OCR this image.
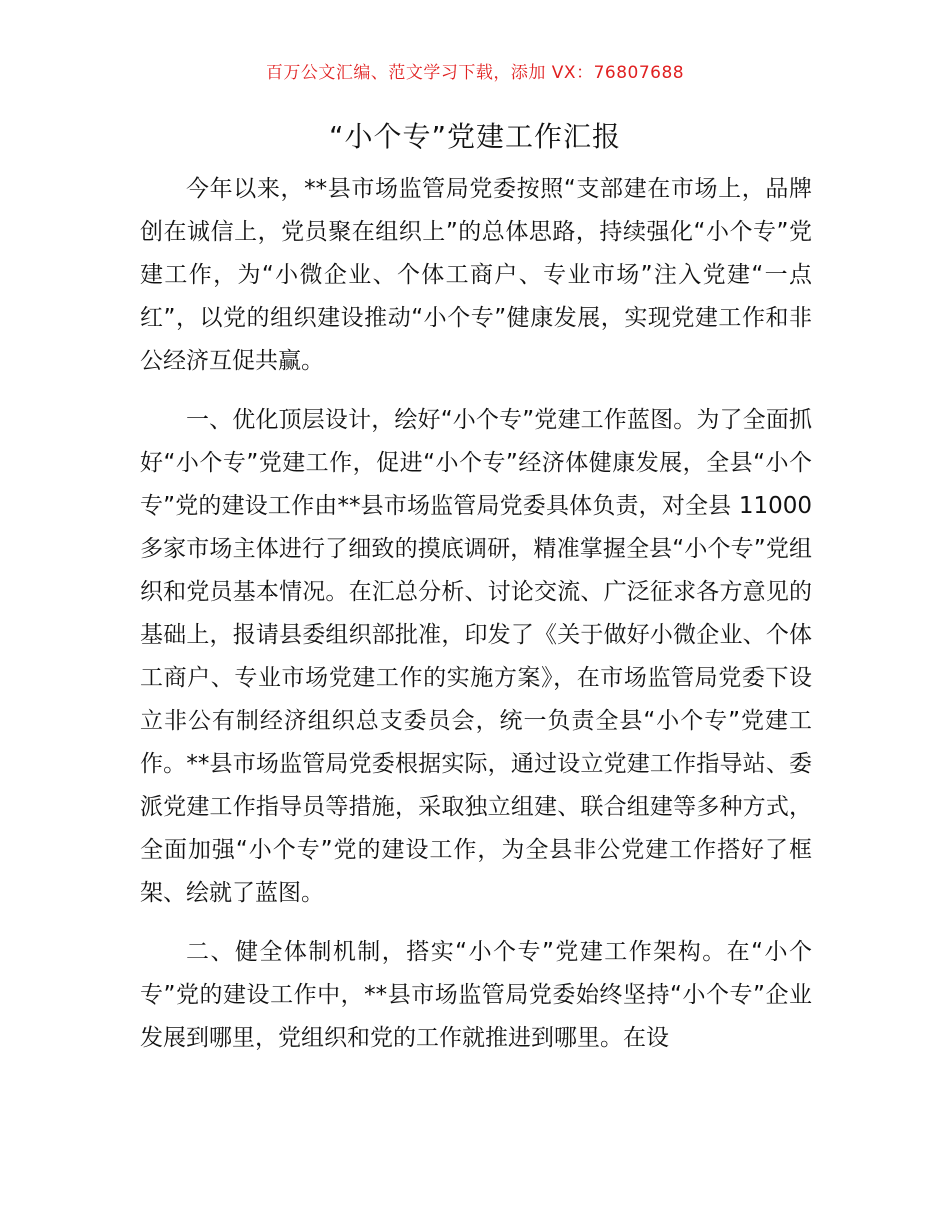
百万公文汇编、范文学习下载，添加 VX：76807688
“小个专”党建工作汇报

今年以来，**县市场监管局党委按照“支部建在市场上，品牌创在诚信上，党员聚在组织上”的总体思路，持续强化“小个专”党建工作，为“小微企业、个体工商户、专业市场”注入党建“一点红”，以党的组织建设推动“小个专”健康发展，实现党建工作和非公经济互促共赢。

一、优化顶层设计，绘好“小个专”党建工作蓝图。为了全面抓好“小个专”党建工作，促进“小个专”经济体健康发展，全县“小个专”党的建设工作由**县市场监管局党委具体负责，对全县 11000 多家市场主体进行了细致的摸底调研，精准掌握全县“小个专”党组织和党员基本情况。在汇总分析、讨论交流、广泛征求各方意见的基础上，报请县委组织部批准，印发了《关于做好小微企业、个体工商户、专业市场党建工作的实施方案》，在市场监管局党委下设立非公有制经济组织总支委员会，统一负责全县“小个专”党建工作。**县市场监管局党委根据实际，通过设立党建工作指导站、委派党建工作指导员等措施，采取独立组建、联合组建等多种方式，全面加强“小个专”党的建设工作，为全县非公党建工作搭好了框架、绘就了蓝图。

二、健全体制机制，搭实“小个专”党建工作架构。在“小个专”党的建设工作中，**县市场监管局党委始终坚持“小个专”企业发展到哪里，党组织和党的工作就推进到哪里。在设
